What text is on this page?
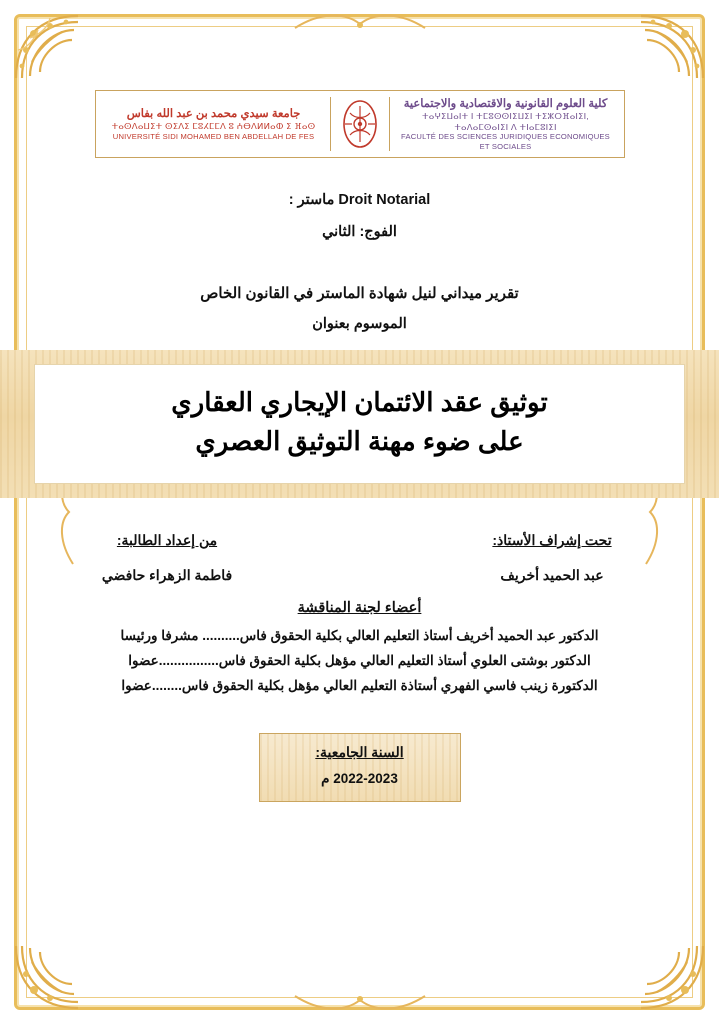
جامعة سيدي محمد بن عبد الله بفاس
ⵜⴰⵙⴷⴰⵡⵉⵜ ⵙⵉⴷⵉ ⵎⵓⵃⵎⵎⴷ ⵓ ⵄⴱⴷⵍⵍⴰⵀ ⵉ ⴼⴰⵙ
UNIVERSITÉ SIDI MOHAMED BEN ABDELLAH DE FES
كلية العلوم القانونية والاقتصادية والاجتماعية
ⵜⴰⵖⵉⵡⴰⵏⵜ ⵏ ⵜⵎⵓⵙⵙⵏⵉⵡⵉⵏ ⵜⵉⵣⵔⴼⴰⵏⵉⵏ, ⵜⴰⴷⴰⵎⵙⴰⵏⵉⵏ ⴷ ⵜⵏⴰⵎⵓⵏⵉⵏ
FACULTÉ DES SCIENCES JURIDIQUES ECONOMIQUES ET SOCIALES
Droit Notarial ماستر :
الفوج: الثاني
تقرير ميداني لنيل شهادة الماستر في القانون الخاص
الموسوم بعنوان
توثيق عقد الائتمان الإيجاري العقاري
على ضوء مهنة التوثيق العصري
تحت إشراف الأستاذ:
عبد الحميد أخريف
من إعداد الطالبة:
فاطمة الزهراء حافضي
أعضاء لجنة المناقشة
الدكتور عبد الحميد أخريف أستاذ التعليم العالي بكلية الحقوق فاس.......... مشرفا ورئيسا
الدكتور بوشتى العلوي أستاذ التعليم العالي مؤهل بكلية الحقوق فاس................عضوا
الدكتورة زينب فاسي الفهري أستاذة التعليم العالي مؤهل بكلية الحقوق فاس........عضوا
السنة الجامعية:
2022-2023 م
